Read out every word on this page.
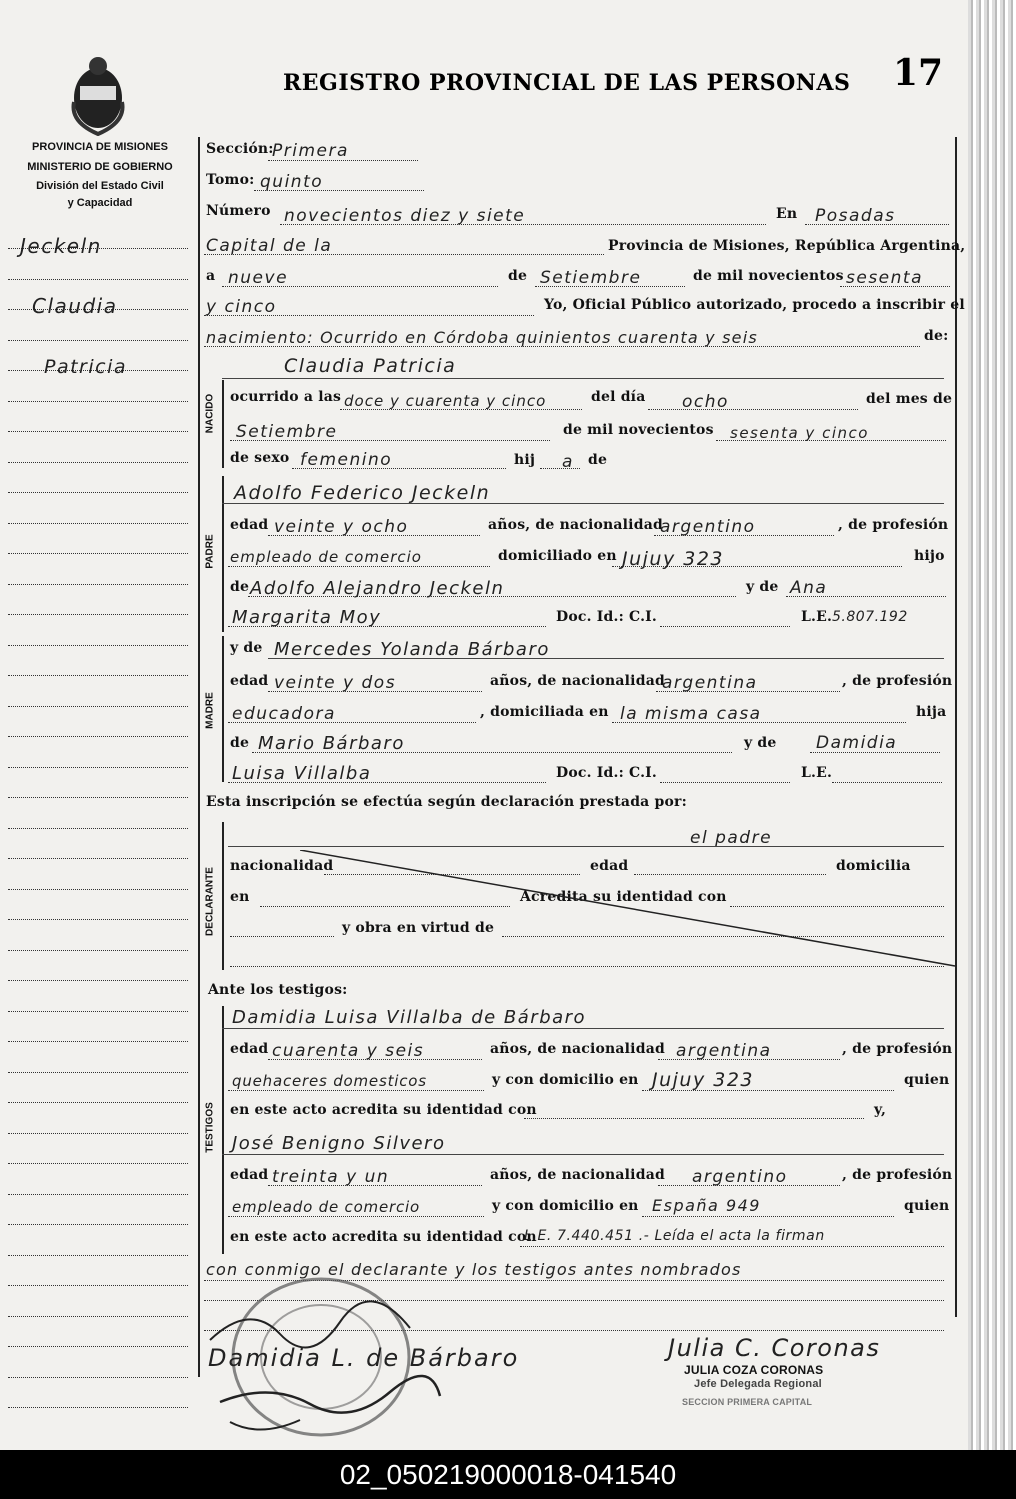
PROVINCIA DE MISIONES
MINISTERIO DE GOBIERNO
División del Estado Civil
y Capacidad
REGISTRO PROVINCIAL DE LAS PERSONAS 17
Jeckeln
Claudia
Patricia
NACIDO
PADRE
MADRE
DECLARANTE
TESTIGOS
Sección:
Primera
Tomo: quinto
Número novecientos diez y siete	En Posadas
Capital de la	Provincia de Misiones, República Argentina,
a nueve	de Setiembre	de mil novecientos sesenta
y cinco	Yo, Oficial Público autorizado, procedo a inscribir el
nacimiento: Ocurrido en Córdoba quinientos cuarenta y seis	de:
Claudia Patricia
ocurrido a las doce y cuarenta y cinco	del día ocho	del mes de
Setiembre	de mil novecientos sesenta y cinco
de sexo femenino	hij a de
Adolfo Federico Jeckeln
edad veinte y ocho	años, de nacionalidad
argentino	, de profesión
empleado de comercio	domiciliado en Jujuy 323	hijo
de Adolfo Alejandro Jeckeln	y de Ana
Margarita Moy	Doc. Id.: C.I.	L.E. 5.807.192
y de Mercedes Yolanda Bárbaro
edad veinte y dos	años, de nacionalidad
argentina	, de profesión
educadora	, domiciliada en la misma casa	hija
de Mario Bárbaro	y de Damidia
Luisa Villalba	Doc. Id.: C.I.	L.E.
Esta inscripción se efectúa según declaración prestada por:
el padre
nacionalidad	edad	domicilia
en	Acredita su identidad con
y obra en virtud de
Ante los testigos:
Damidia Luisa Villalba de Bárbaro
edad cuarenta y seis	años, de nacionalidad argentina	, de profesión
quehaceres domesticos	y con domicilio en Jujuy 323	quien
en este acto acredita su identidad con	y,
José Benigno Silvero
edad treinta y un	años, de nacionalidad argentino	, de profesión
empleado de comercio	y con domicilio en España 949	quien
en este acto acredita su identidad con
L.E. 7.440.451 .- Leída el acta la firman
con conmigo el declarante y los testigos antes nombrados
Damidia L. de Bárbaro	Julia C. Coronas
JULIA COZA CORONAS
Jefe Delegada Regional
SECCION PRIMERA CAPITAL
02_050219000018-041540
